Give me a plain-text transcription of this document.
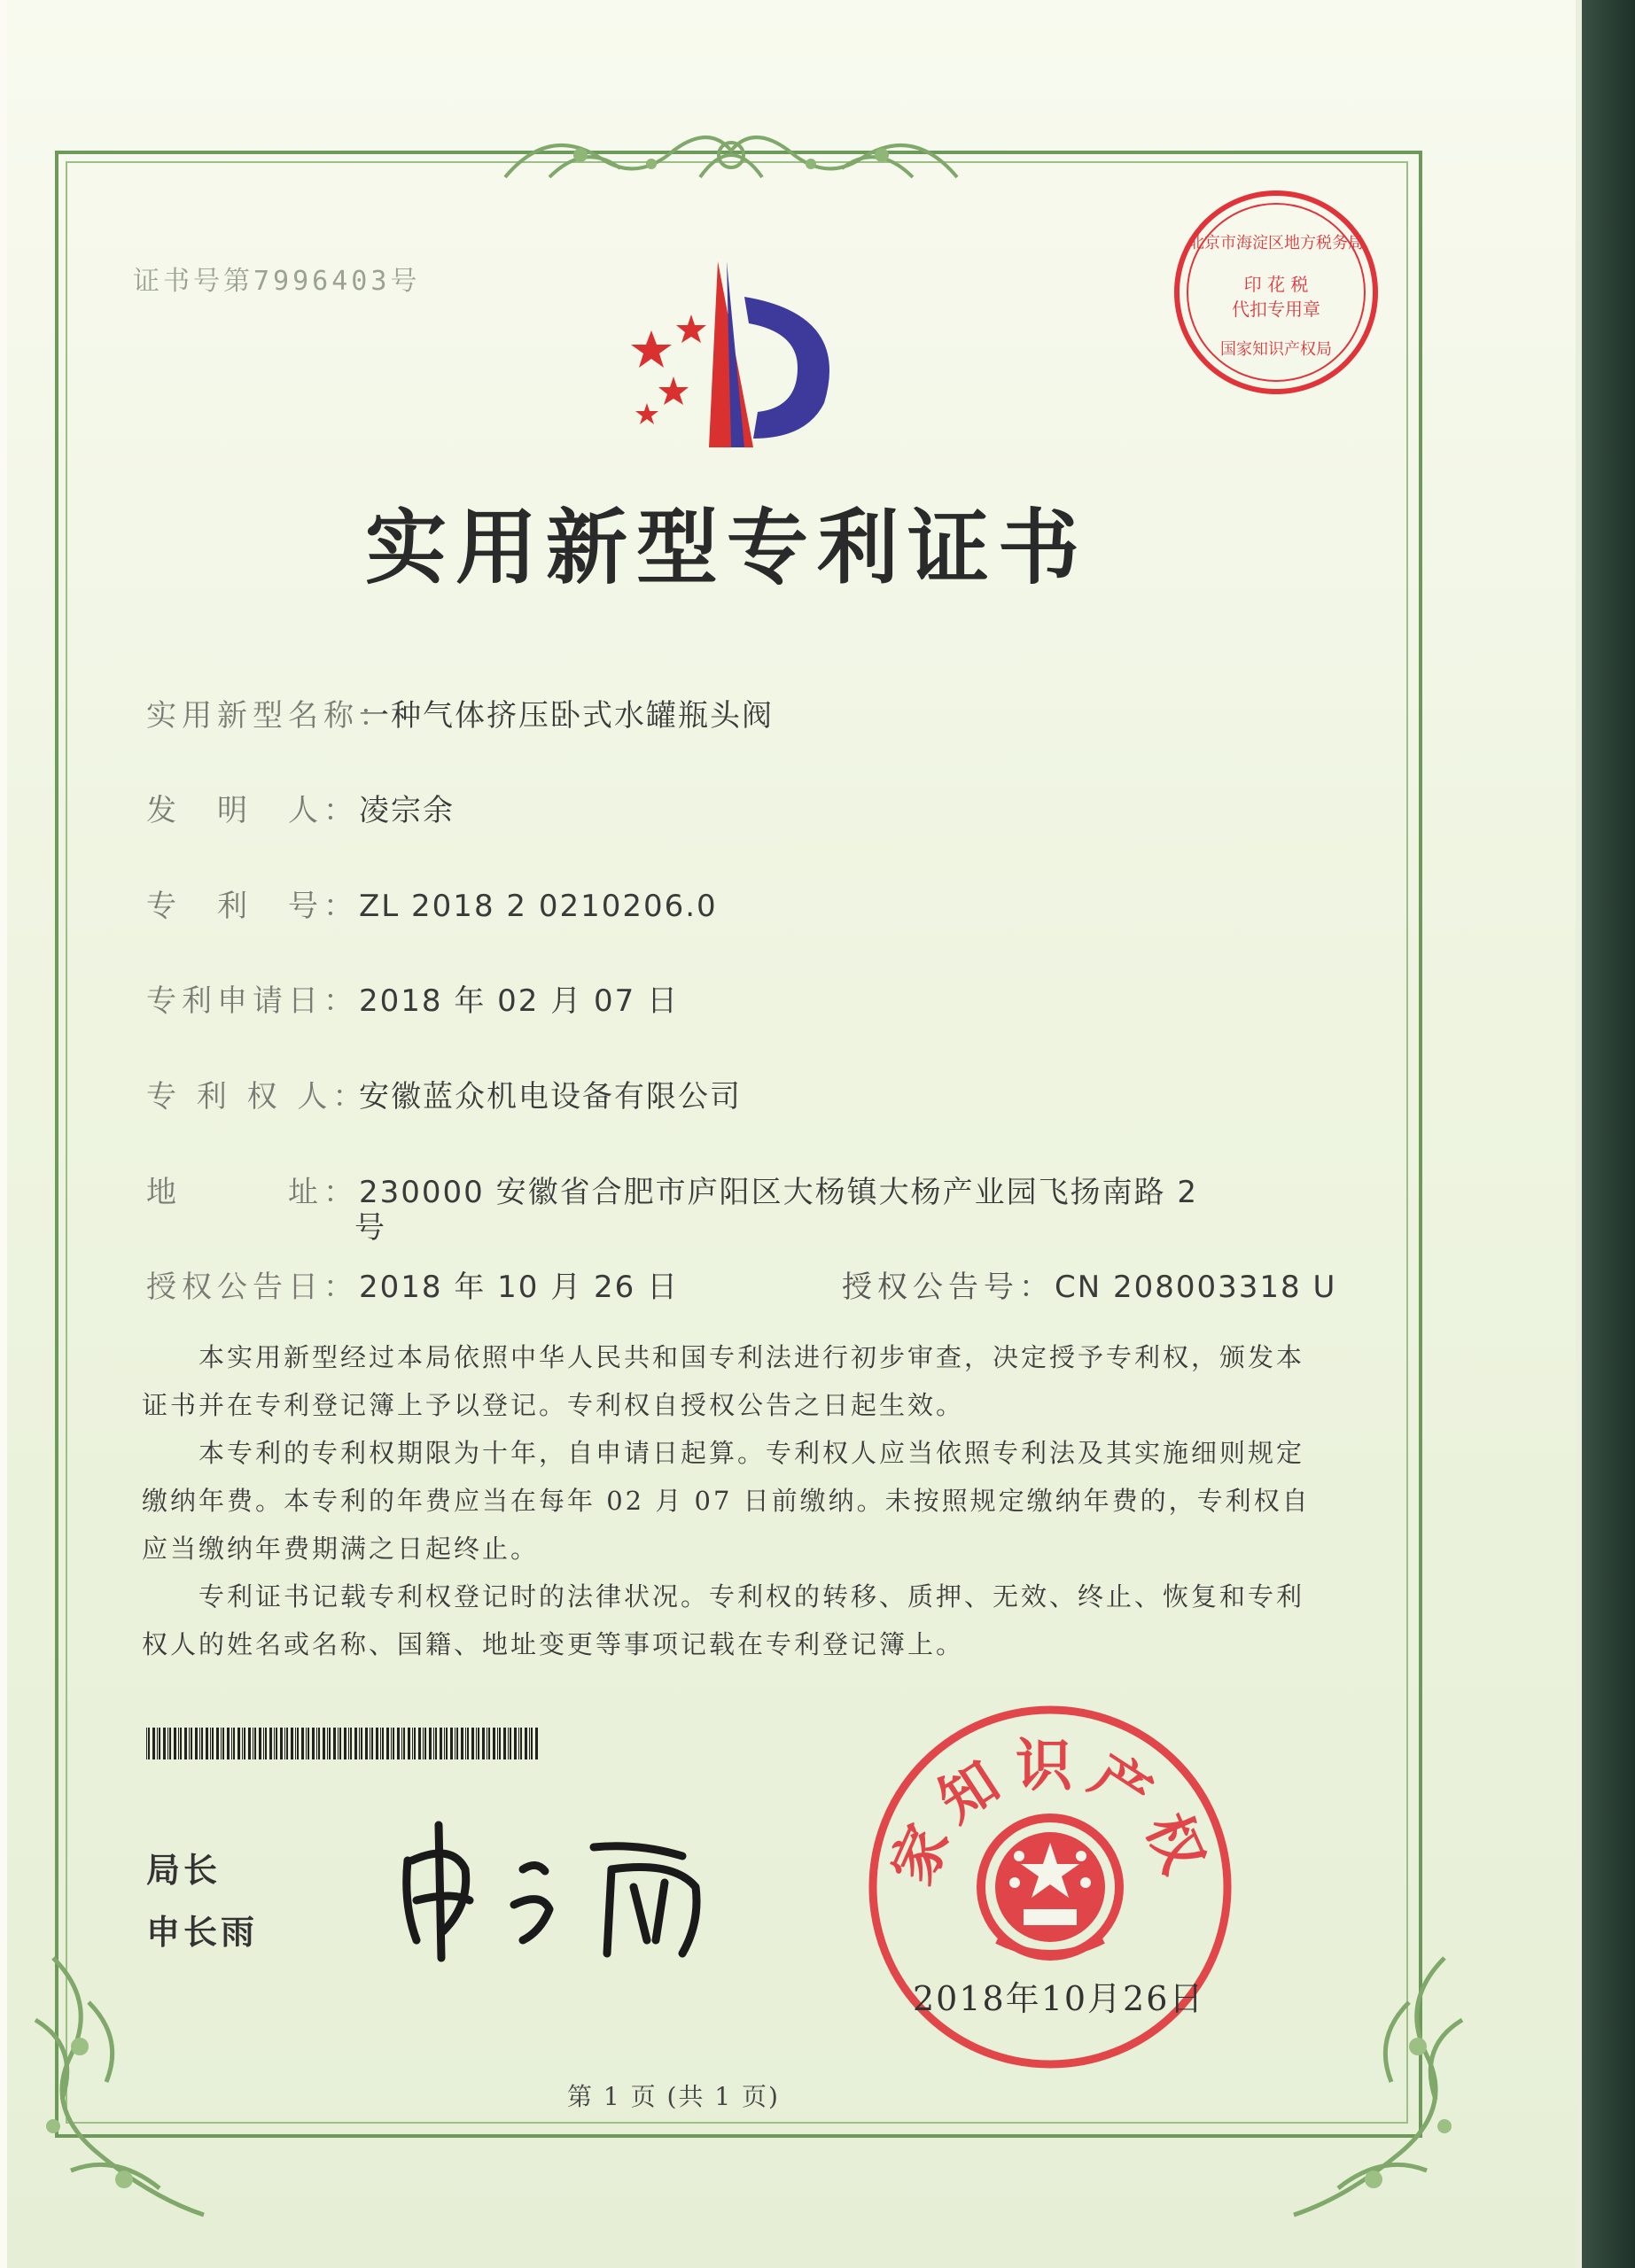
证书号第7996403号
北京市海淀区地方税务局
印 花 税
代扣专用章
国家知识产权局
实用新型专利证书
实用新型名称：一种气体挤压卧式水罐瓶头阀
发　明　人：凌宗余
专　利　号：ZL 2018 2 0210206.0
专利申请日：2018 年 02 月 07 日
专 利 权 人：安徽蓝众机电设备有限公司
地　　　址：230000 安徽省合肥市庐阳区大杨镇大杨产业园飞扬南路 2
号
授权公告日：2018 年 10 月 26 日	授权公告号：CN 208003318 U

本实用新型经过本局依照中华人民共和国专利法进行初步审查，决定授予专利权，颁发本证书并在专利登记簿上予以登记。专利权自授权公告之日起生效。

本专利的专利权期限为十年，自申请日起算。专利权人应当依照专利法及其实施细则规定缴纳年费。本专利的年费应当在每年 02 月 07 日前缴纳。未按照规定缴纳年费的，专利权自应当缴纳年费期满之日起终止。

专利证书记载专利权登记时的法律状况。专利权的转移、质押、无效、终止、恢复和专利权人的姓名或名称、国籍、地址变更等事项记载在专利登记簿上。

局长
申长雨
家知识产权
2018年10月26日
第 1 页 (共 1 页)
